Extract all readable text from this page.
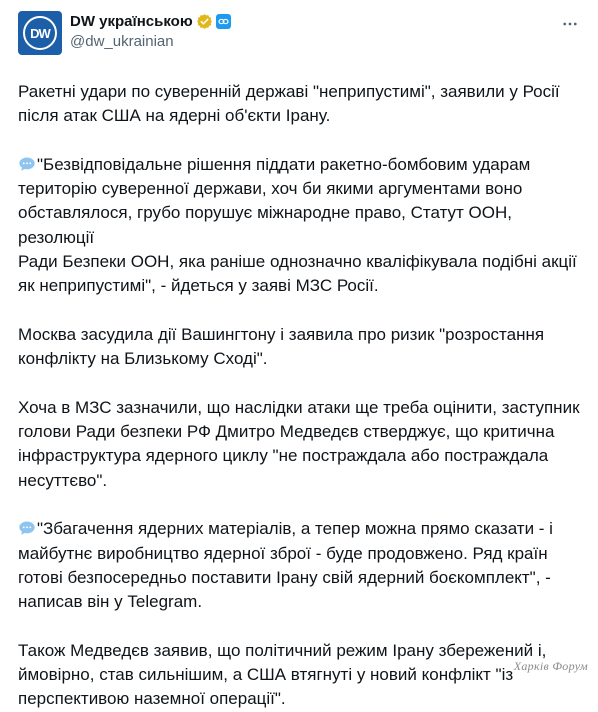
DW
DW українською
@dw_ukrainian

Ракетні удари по суверенній державі "неприпустимі", заявили у Росії
після атак США на ядерні об'єкти Ірану.

"Безвідповідальне рішення піддати ракетно-бомбовим ударам
територію суверенної держави, хоч би якими аргументами воно
обставлялося, грубо порушує міжнародне право, Статут ООН, резолюції
Ради Безпеки ООН, яка раніше однозначно кваліфікувала подібні акції
як неприпустимі", - йдеться у заяві МЗС Росії.

Москва засудила дії Вашингтону і заявила про ризик "розростання
конфлікту на Близькому Сході".

Хоча в МЗС зазначили, що наслідки атаки ще треба оцінити, заступник
голови Ради безпеки РФ Дмитро Медведєв стверджує, що критична
інфраструктура ядерного циклу "не постраждала або постраждала
несуттєво".

"Збагачення ядерних матеріалів, а тепер можна прямо сказати - і
майбутнє виробництво ядерної зброї - буде продовжено. Ряд країн
готові безпосередньо поставити Ірану свій ядерний боєкомплект", -
написав він у Telegram.

Також Медведєв заявив, що політичний режим Ірану збережений і,
ймовірно, став сильнішим, а США втягнуті у новий конфлікт "із
перспективою наземної операції".

Харків Форум
